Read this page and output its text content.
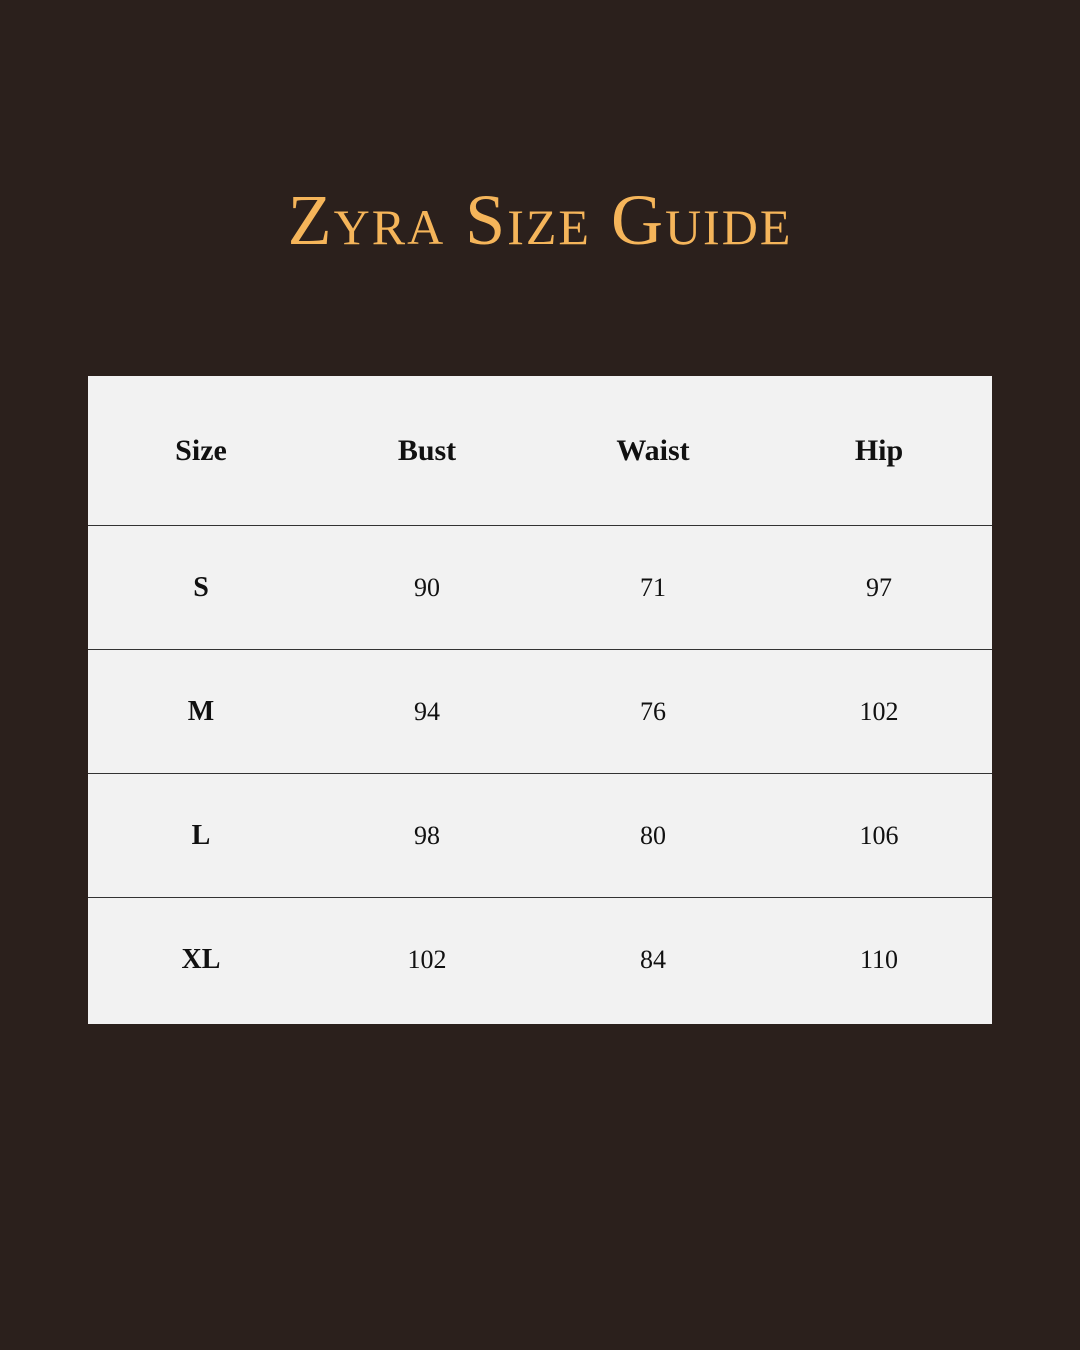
Zyra Size Guide
Size	Bust	Waist	Hip
S	90	71	97
M	94	76	102
L	98	80	106
XL	102	84	110
